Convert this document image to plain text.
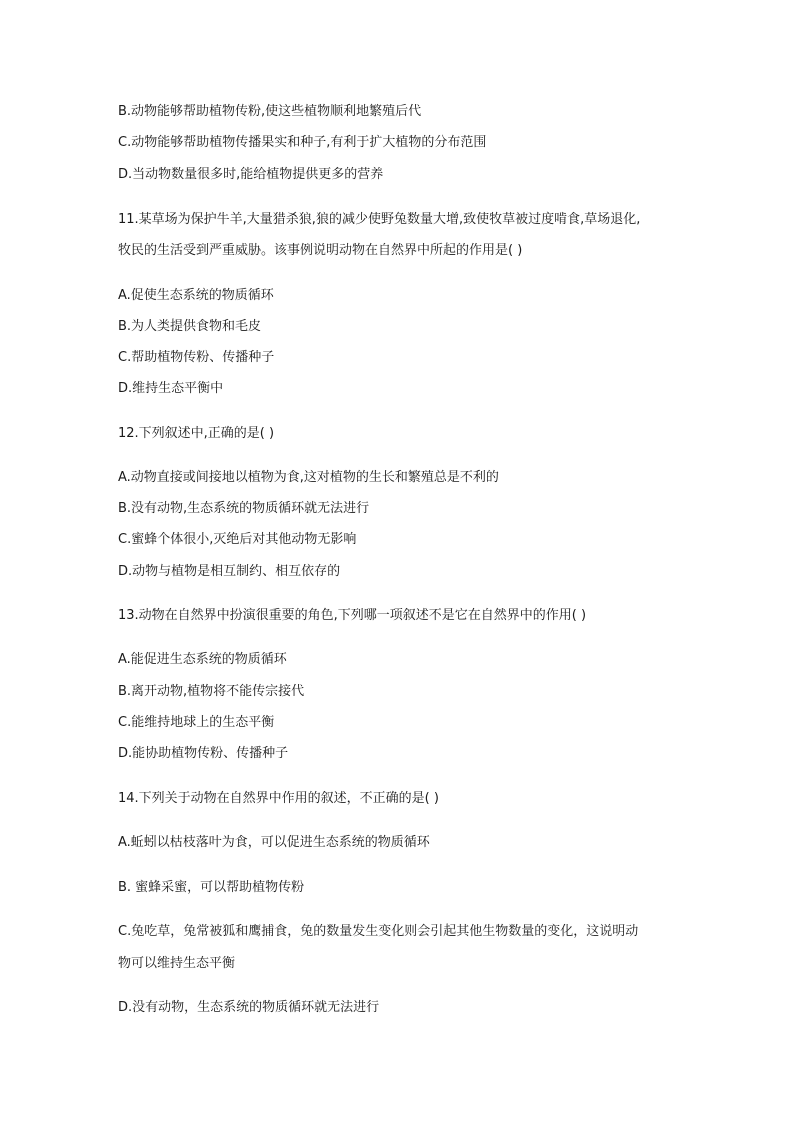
B.动物能够帮助植物传粉,使这些植物顺利地繁殖后代
C.动物能够帮助植物传播果实和种子,有利于扩大植物的分布范围
D.当动物数量很多时,能给植物提供更多的营养
11.某草场为保护牛羊,大量猎杀狼,狼的减少使野兔数量大增,致使牧草被过度啃食,草场退化,
牧民的生活受到严重威胁。该事例说明动物在自然界中所起的作用是( )
A.促使生态系统的物质循环
B.为人类提供食物和毛皮
C.帮助植物传粉、传播种子
D.维持生态平衡中
12.下列叙述中,正确的是( )
A.动物直接或间接地以植物为食,这对植物的生长和繁殖总是不利的
B.没有动物,生态系统的物质循环就无法进行
C.蜜蜂个体很小,灭绝后对其他动物无影响
D.动物与植物是相互制约、相互依存的
13.动物在自然界中扮演很重要的角色,下列哪一项叙述不是它在自然界中的作用( )
A.能促进生态系统的物质循环
B.离开动物,植物将不能传宗接代
C.能维持地球上的生态平衡
D.能协助植物传粉、传播种子
14.下列关于动物在自然界中作用的叙述，不正确的是( )
A.蚯蚓以枯枝落叶为食，可以促进生态系统的物质循环
B. 蜜蜂采蜜，可以帮助植物传粉
C.兔吃草，兔常被狐和鹰捕食，兔的数量发生变化则会引起其他生物数量的变化，这说明动
物可以维持生态平衡
D.没有动物，生态系统的物质循环就无法进行
